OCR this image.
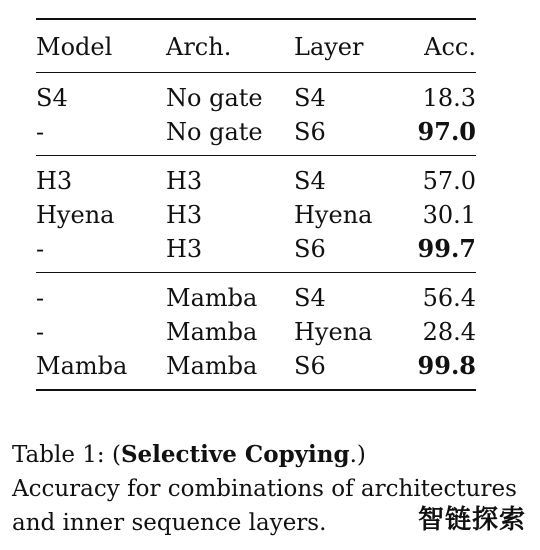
Model	Arch.	Layer	Acc.
S4	No gate	S4	18.3
-	No gate	S6	97.0
H3	H3	S4	57.0
Hyena	H3	Hyena	30.1
-	H3	S6	99.7
-	Mamba	S4	56.4
-	Mamba	Hyena	28.4
Mamba	Mamba	S6	99.8
Table 1: (Selective Copying.)
Accuracy for combinations of architectures
and inner sequence layers.	智链探索
